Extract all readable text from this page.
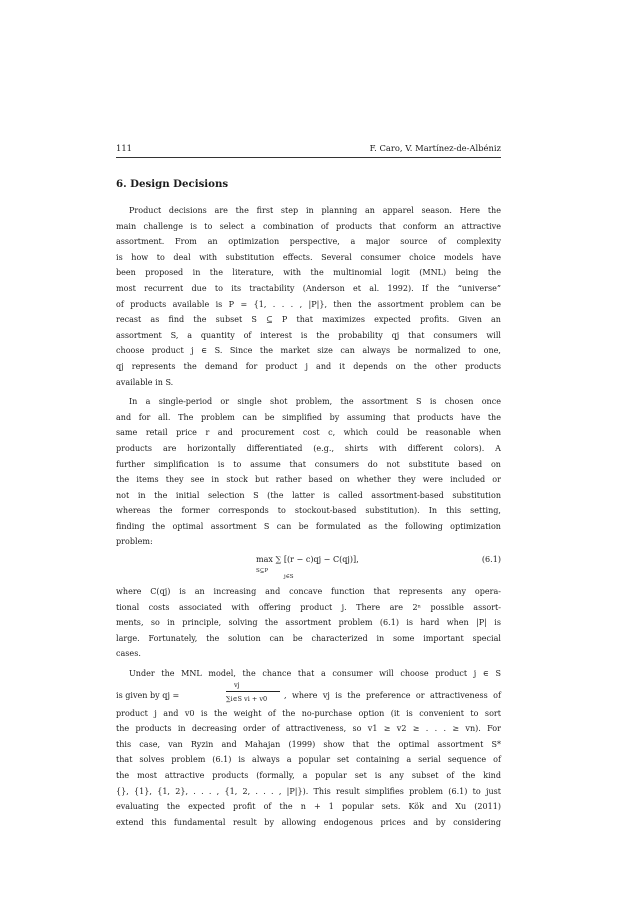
111	F. Caro, V. Martínez-de-Albéniz
6. Design Decisions
Product decisions are the first step in planning an apparel season. Here the
main challenge is to select a combination of products that conform an attractive
assortment. From an optimization perspective, a major source of complexity
is how to deal with substitution effects. Several consumer choice models have
been proposed in the literature, with the multinomial logit (MNL) being the
most recurrent due to its tractability (Anderson et al. 1992). If the “universe”
of products available is P = {1, . . . , |P|}, then the assortment problem can be
recast as find the subset S ⊆ P that maximizes expected profits. Given an
assortment S, a quantity of interest is the probability qj that consumers will
choose product j ∈ S. Since the market size can always be normalized to one,
qj represents the demand for product j and it depends on the other products
available in S.
In a single-period or single shot problem, the assortment S is chosen once
and for all. The problem can be simplified by assuming that products have the
same retail price r and procurement cost c, which could be reasonable when
products are horizontally differentiated (e.g., shirts with different colors). A
further simplification is to assume that consumers do not substitute based on
the items they see in stock but rather based on whether they were included or
not in the initial selection S (the latter is called assortment-based substitution
whereas the former corresponds to stockout-based substitution). In this setting,
finding the optimal assortment S can be formulated as the following optimization
problem:
max ∑ [(r − c)qj − C(qj)],
S⊆P
j∈S
(6.1)
where C(qj) is an increasing and concave function that represents any opera-
tional costs associated with offering product j. There are 2ⁿ possible assort-
ments, so in principle, solving the assortment problem (6.1) is hard when |P| is
large. Fortunately, the solution can be characterized in some important special
cases.
Under the MNL model, the chance that a consumer will choose product j ∈ S
is given by qj =
vj
∑i∈S vi + v0 , where vj is the preference or attractiveness of
product j and v0 is the weight of the no-purchase option (it is convenient to sort
the products in decreasing order of attractiveness, so v1 ≥ v2 ≥ . . . ≥ vn). For
this case, van Ryzin and Mahajan (1999) show that the optimal assortment S*
that solves problem (6.1) is always a popular set containing a serial sequence of
the most attractive products (formally, a popular set is any subset of the kind
{}, {1}, {1, 2}, . . . , {1, 2, . . . , |P|}). This result simplifies problem (6.1) to just
evaluating the expected profit of the n + 1 popular sets. Kök and Xu (2011)
extend this fundamental result by allowing endogenous prices and by considering
